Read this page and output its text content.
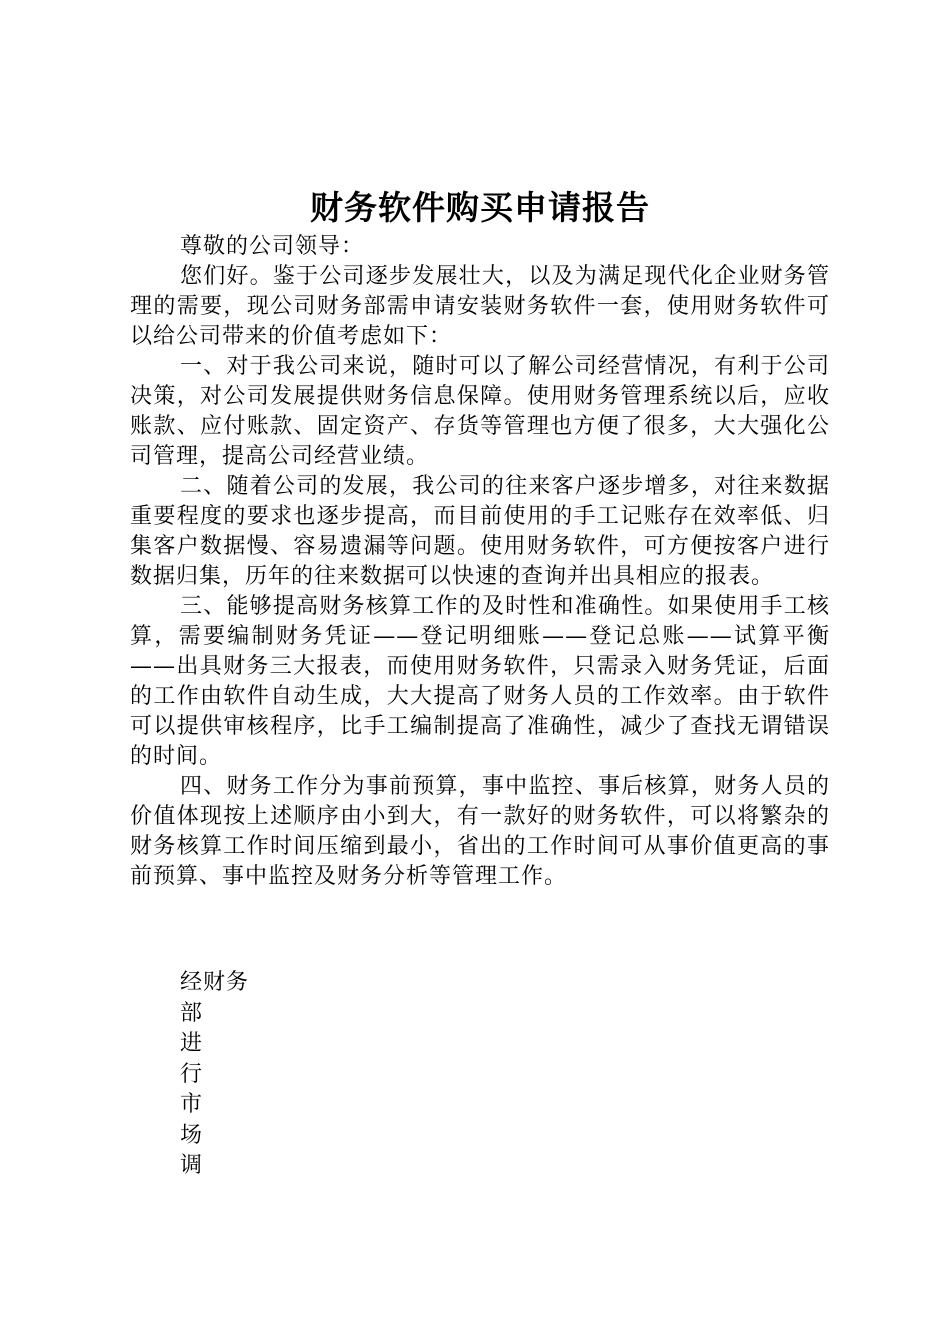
财务软件购买申请报告

尊敬的公司领导：

您们好。鉴于公司逐步发展壮大，以及为满足现代化企业财务管理的需要，现公司财务部需申请安装财务软件一套，使用财务软件可以给公司带来的价值考虑如下：

一、对于我公司来说，随时可以了解公司经营情况，有利于公司决策，对公司发展提供财务信息保障。使用财务管理系统以后，应收账款、应付账款、固定资产、存货等管理也方便了很多，大大强化公司管理，提高公司经营业绩。

二、随着公司的发展，我公司的往来客户逐步增多，对往来数据重要程度的要求也逐步提高，而目前使用的手工记账存在效率低、归集客户数据慢、容易遗漏等问题。使用财务软件，可方便按客户进行数据归集，历年的往来数据可以快速的查询并出具相应的报表。

三、能够提高财务核算工作的及时性和准确性。如果使用手工核算，需要编制财务凭证——登记明细账——登记总账——试算平衡——出具财务三大报表，而使用财务软件，只需录入财务凭证，后面的工作由软件自动生成，大大提高了财务人员的工作效率。由于软件可以提供审核程序，比手工编制提高了准确性，减少了查找无谓错误的时间。

四、财务工作分为事前预算，事中监控、事后核算，财务人员的价值体现按上述顺序由小到大，有一款好的财务软件，可以将繁杂的财务核算工作时间压缩到最小，省出的工作时间可从事价值更高的事前预算、事中监控及财务分析等管理工作。

经财务
部
进
行
市
场
调
